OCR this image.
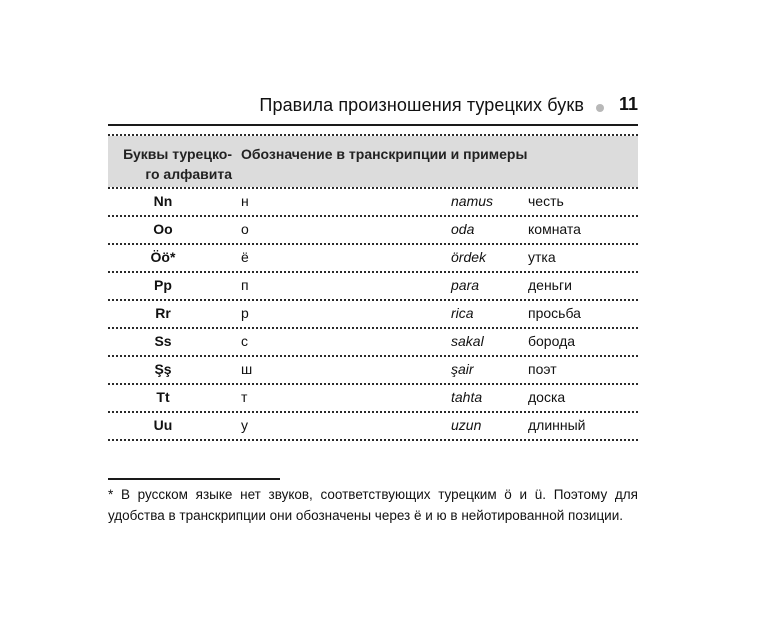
Правила произношения турецких букв 11
Буквы турецко-
го алфавита
Обозначение в транскрипции и примеры
Nn	н	namus честь
Oo	о	oda	комната
Öö*	ё	ördek	утка
Pp	п	para	деньги
Rr	р	rica	просьба
Ss	с	sakal	борода
Şş	ш	şair	поэт
Tt	т	tahta	доска
Uu	у	uzun	длинный
* В русском языке нет звуков, соответствующих турецким ö и ü. Поэтому для удобства в транскрипции они обозначены через ё и ю в нейотированной позиции.
